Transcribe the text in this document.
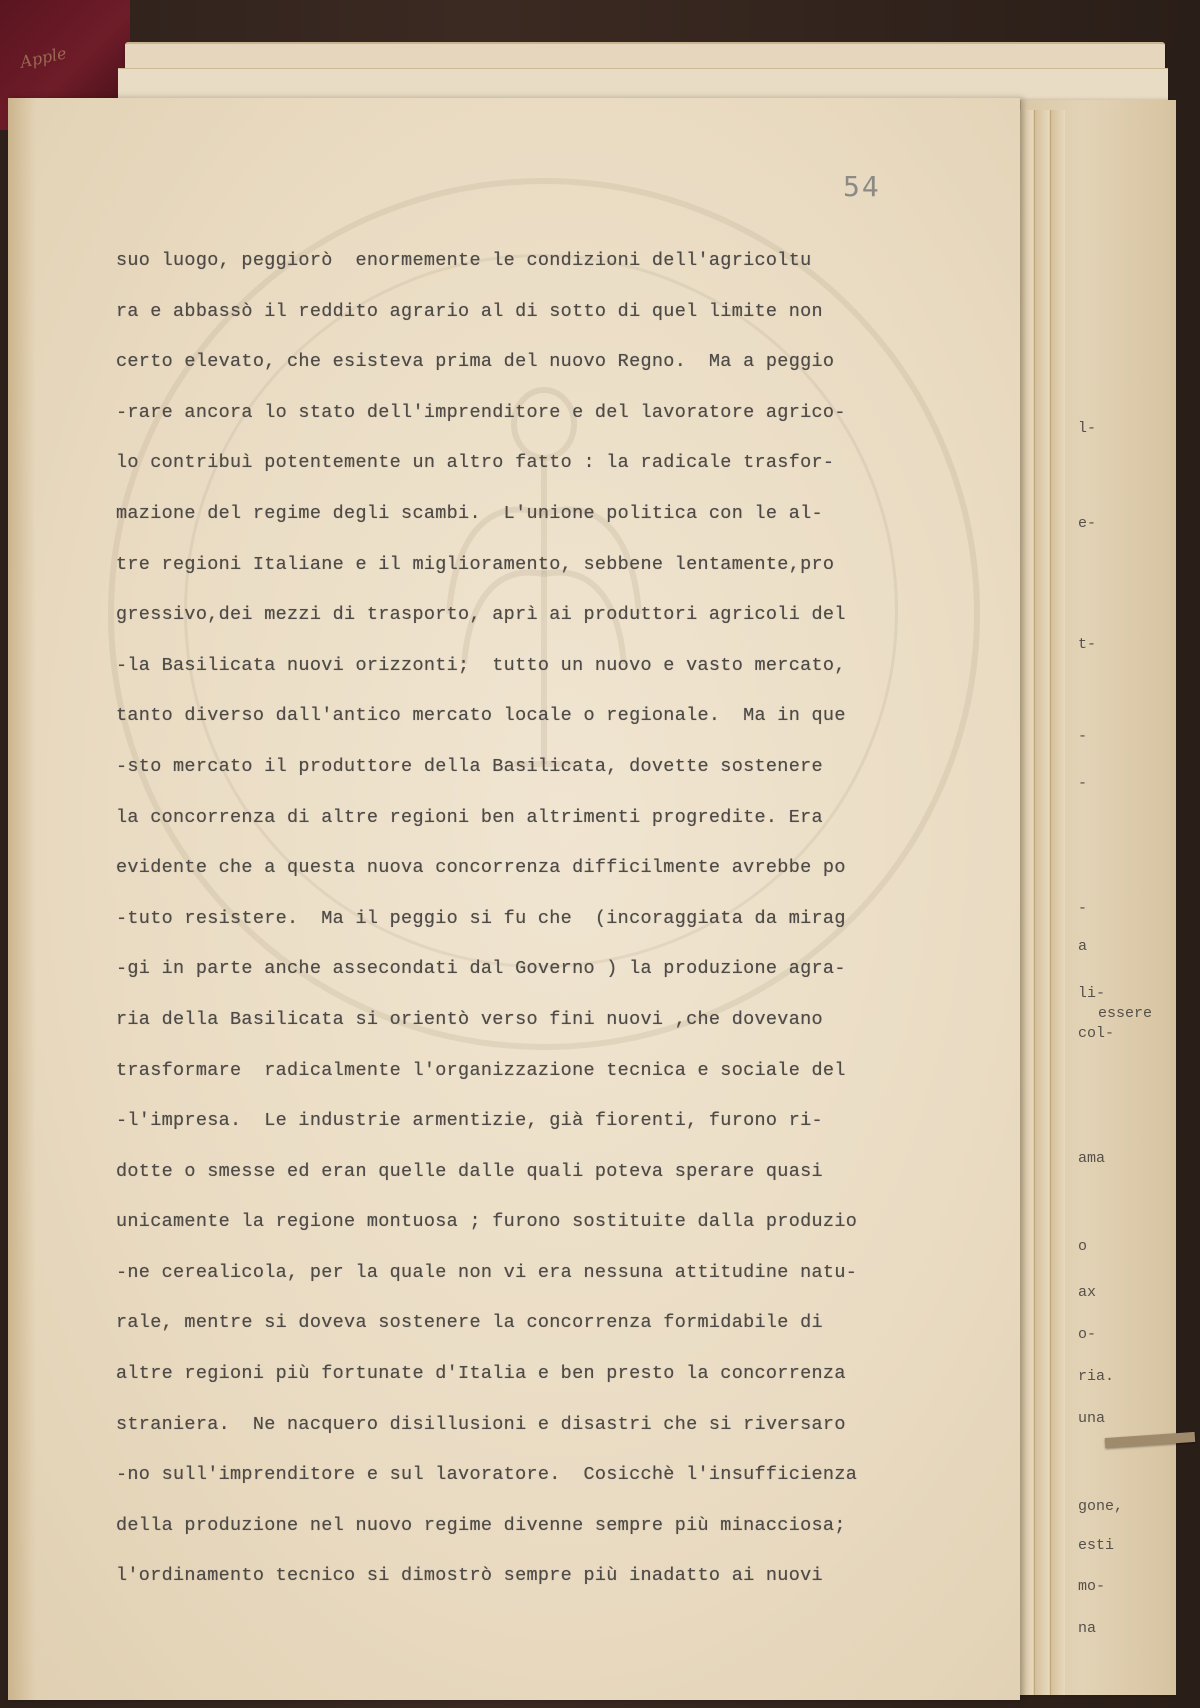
Apple
l-
e-
t-
-
-
-
a
li-
essere
col-
ama
o
ax
o-
ria.
una
gone,
esti
mo-
na
54
suo luogo, peggiorò  enormemente le condizioni dell'agricoltu
ra e abbassò il reddito agrario al di sotto di quel limite non
certo elevato, che esisteva prima del nuovo Regno.  Ma a peggio
-rare ancora lo stato dell'imprenditore e del lavoratore agrico-
lo contribuì potentemente un altro fatto : la radicale trasfor-
mazione del regime degli scambi.  L'unione politica con le al-
tre regioni Italiane e il miglioramento, sebbene lentamente,pro
gressivo,dei mezzi di trasporto, aprì ai produttori agricoli del
-la Basilicata nuovi orizzonti;  tutto un nuovo e vasto mercato,
tanto diverso dall'antico mercato locale o regionale.  Ma in que
-sto mercato il produttore della Basilicata, dovette sostenere
la concorrenza di altre regioni ben altrimenti progredite. Era
evidente che a questa nuova concorrenza difficilmente avrebbe po
-tuto resistere.  Ma il peggio si fu che  (incoraggiata da mirag
-gi in parte anche assecondati dal Governo ) la produzione agra-
ria della Basilicata si orientò verso fini nuovi ,che dovevano
trasformare  radicalmente l'organizzazione tecnica e sociale del
-l'impresa.  Le industrie armentizie, già fiorenti, furono ri-
dotte o smesse ed eran quelle dalle quali poteva sperare quasi
unicamente la regione montuosa ; furono sostituite dalla produzio
-ne cerealicola, per la quale non vi era nessuna attitudine natu-
rale, mentre si doveva sostenere la concorrenza formidabile di
altre regioni più fortunate d'Italia e ben presto la concorrenza
straniera.  Ne nacquero disillusioni e disastri che si riversaro
-no sull'imprenditore e sul lavoratore.  Cosicchè l'insufficienza
della produzione nel nuovo regime divenne sempre più minacciosa;
l'ordinamento tecnico si dimostrò sempre più inadatto ai nuovi
